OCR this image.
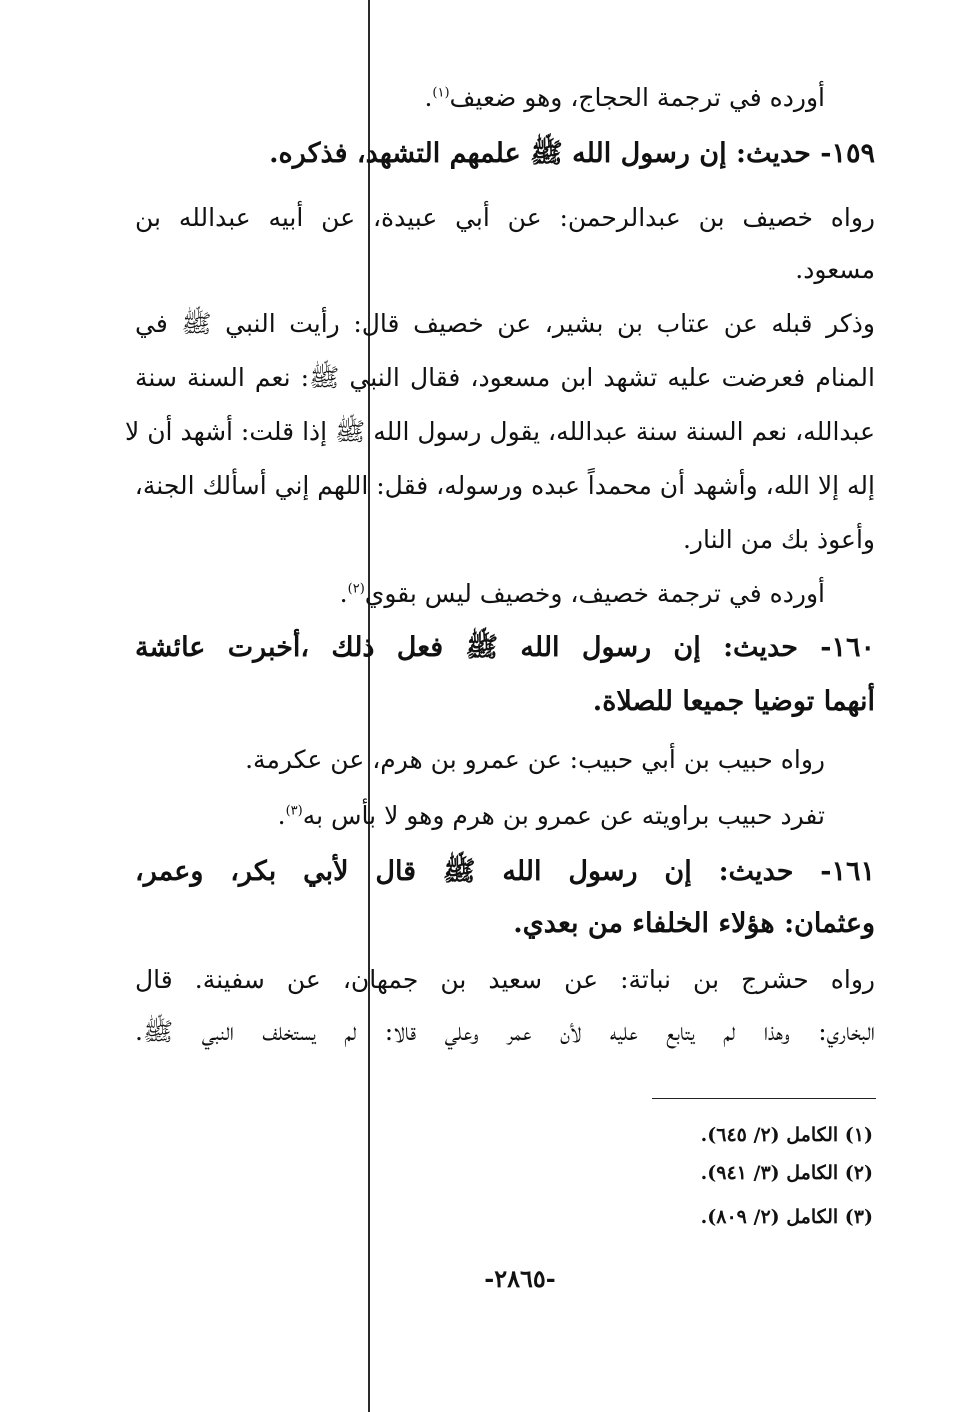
أورده في ترجمة الحجاج، وهو ضعيف$^{(١)}$.
١٥٩- حديث: إن رسول الله ﷺ علمهم التشهد، فذكره.
رواه خصيف بن عبدالرحمن: عن أبي عبيدة، عن أبيه عبدالله بن
مسعود.
وذكر قبله عن عتاب بن بشير، عن خصيف قال: رأيت النبي ﷺ في
المنام فعرضت عليه تشهد ابن مسعود، فقال النبي ﷺ: نعم السنة سنة
عبدالله، نعم السنة سنة عبدالله، يقول رسول الله ﷺ إذا قلت: أشهد أن لا
إله إلا الله، وأشهد أن محمداً عبده ورسوله، فقل: اللهم إني أسألك الجنة،
وأعوذ بك من النار.
أورده في ترجمة خصيف، وخصيف ليس بقوي$^{(٢)}$.
١٦٠- حديث: إن رسول الله ﷺ فعل ذلك ،أخبرت عائشة
أنهما توضيا جميعا للصلاة.
رواه حبيب بن أبي حبيب: عن عمرو بن هرم، عن عكرمة.
تفرد حبيب براويته عن عمرو بن هرم وهو لا بأس به$^{(٣)}$.
١٦١- حديث: إن رسول الله ﷺ قال لأبي بكر، وعمر،
وعثمان: هؤلاء الخلفاء من بعدي.
رواه حشرج بن نباتة: عن سعيد بن جمهان، عن سفينة. قال
البخاري: وهذا لم يتابع عليه لأن عمر وعلي قالا: لم يستخلف النبي ﷺ.
(١) الكامل (٢/ ٦٤٥).
(٢) الكامل (٣/ ٩٤١).
(٣) الكامل (٢/ ٨٠٩).
-٢٨٦٥-
